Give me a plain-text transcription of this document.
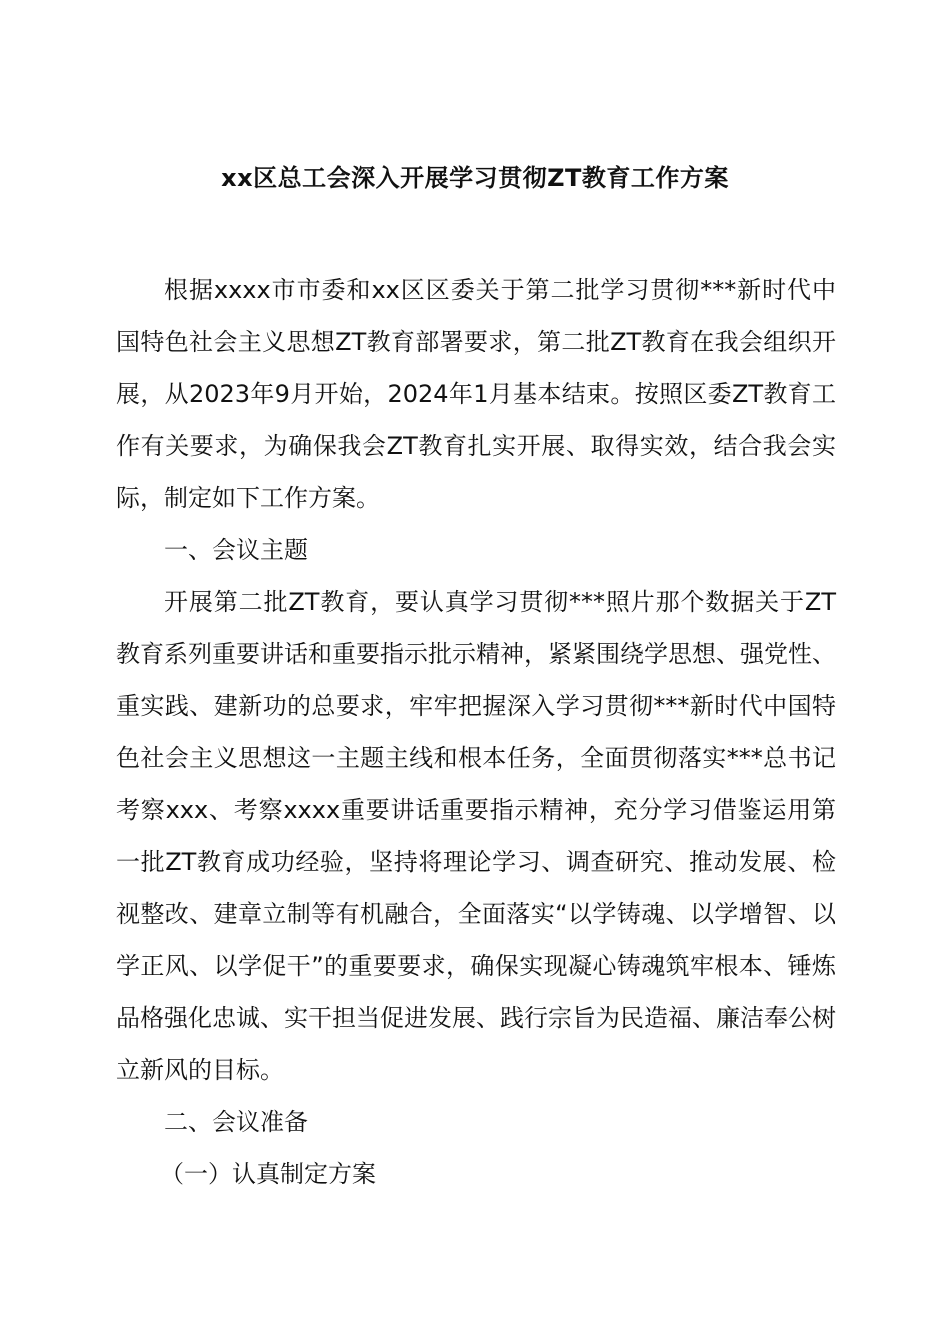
xx区总工会深入开展学习贯彻ZT教育工作方案

根据xxxx市市委和xx区区委关于第二批学习贯彻***新时代中国特色社会主义思想ZT教育部署要求，第二批ZT教育在我会组织开展，从2023年9月开始，2024年1月基本结束。按照区委ZT教育工作有关要求，为确保我会ZT教育扎实开展、取得实效，结合我会实际，制定如下工作方案。

一、会议主题

开展第二批ZT教育，要认真学习贯彻***照片那个数据关于ZT教育系列重要讲话和重要指示批示精神，紧紧围绕学思想、强党性、重实践、建新功的总要求，牢牢把握深入学习贯彻***新时代中国特色社会主义思想这一主题主线和根本任务，全面贯彻落实***总书记考察xxx、考察xxxx重要讲话重要指示精神，充分学习借鉴运用第一批ZT教育成功经验，坚持将理论学习、调查研究、推动发展、检视整改、建章立制等有机融合，全面落实“以学铸魂、以学增智、以学正风、以学促干”的重要要求，确保实现凝心铸魂筑牢根本、锤炼品格强化忠诚、实干担当促进发展、践行宗旨为民造福、廉洁奉公树立新风的目标。

二、会议准备

（一）认真制定方案
